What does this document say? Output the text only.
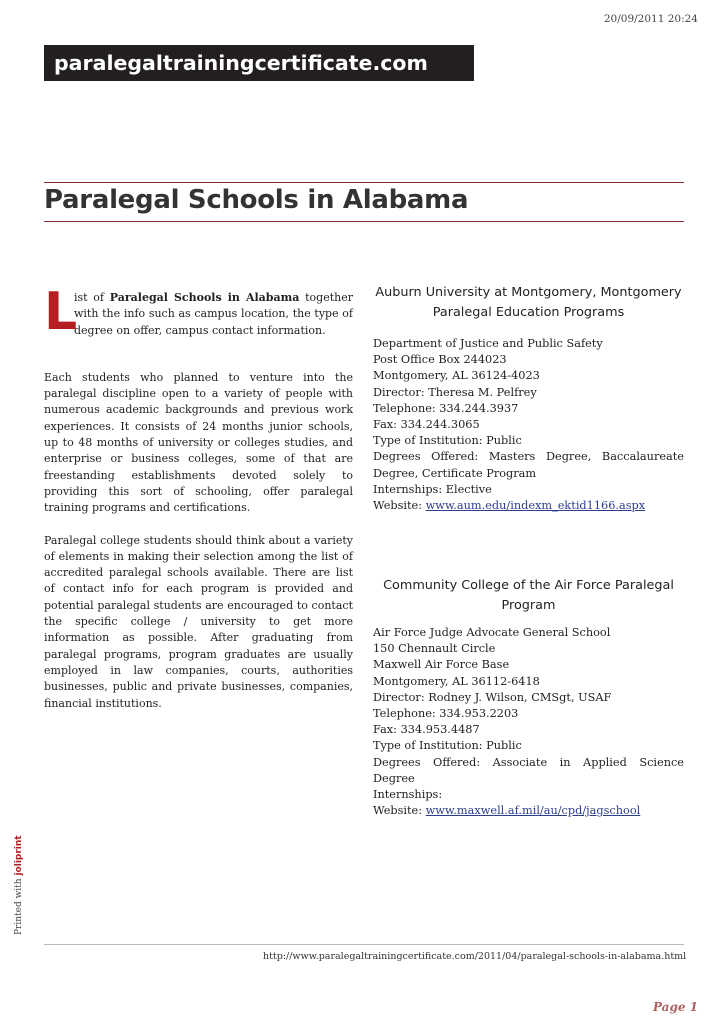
paralegaltrainingcertificate.com
20/09/2011 20:24
Paralegal Schools in Alabama
L
ist of Paralegal Schools in Alabama together with the info such as campus location, the type of degree on offer, campus contact information.

Each students who planned to venture into the paralegal discipline open to a variety of people with numerous academic backgrounds and previous work experiences. It consists of 24 months junior schools, up to 48 months of university or colleges studies, and enterprise or business colleges, some of that are freestanding establishments devoted solely to providing this sort of schooling, offer paralegal training programs and certifications.

Paralegal college students should think about a variety of elements in making their selection among the list of accredited paralegal schools available. There are list of contact info for each program is provided and potential paralegal students are encouraged to contact the specific college / university to get more information as possible. After graduating from paralegal programs, program graduates are usually employed in law companies, courts, authorities businesses, public and private businesses, companies, financial institutions.

Auburn University at Montgomery, Montgomery Paralegal Education Programs
Department of Justice and Public Safety
Post Office Box 244023
Montgomery, AL 36124-4023
Director: Theresa M. Pelfrey
Telephone: 334.244.3937
Fax: 334.244.3065
Type of Institution: Public
Degrees Offered: Masters Degree, Baccalaureate Degree, Certificate Program
Internships: Elective
Website: www.aum.edu/indexm_ektid1166.aspx
Community College of the Air Force Paralegal Program
Air Force Judge Advocate General School
150 Chennault Circle
Maxwell Air Force Base
Montgomery, AL 36112-6418
Director: Rodney J. Wilson, CMSgt, USAF
Telephone: 334.953.2203
Fax: 334.953.4487
Type of Institution: Public
Degrees Offered: Associate in Applied Science Degree
Internships:
Website: www.maxwell.af.mil/au/cpd/jagschool
Printed with joliprint
http://www.paralegaltrainingcertificate.com/2011/04/paralegal-schools-in-alabama.html
Page 1
